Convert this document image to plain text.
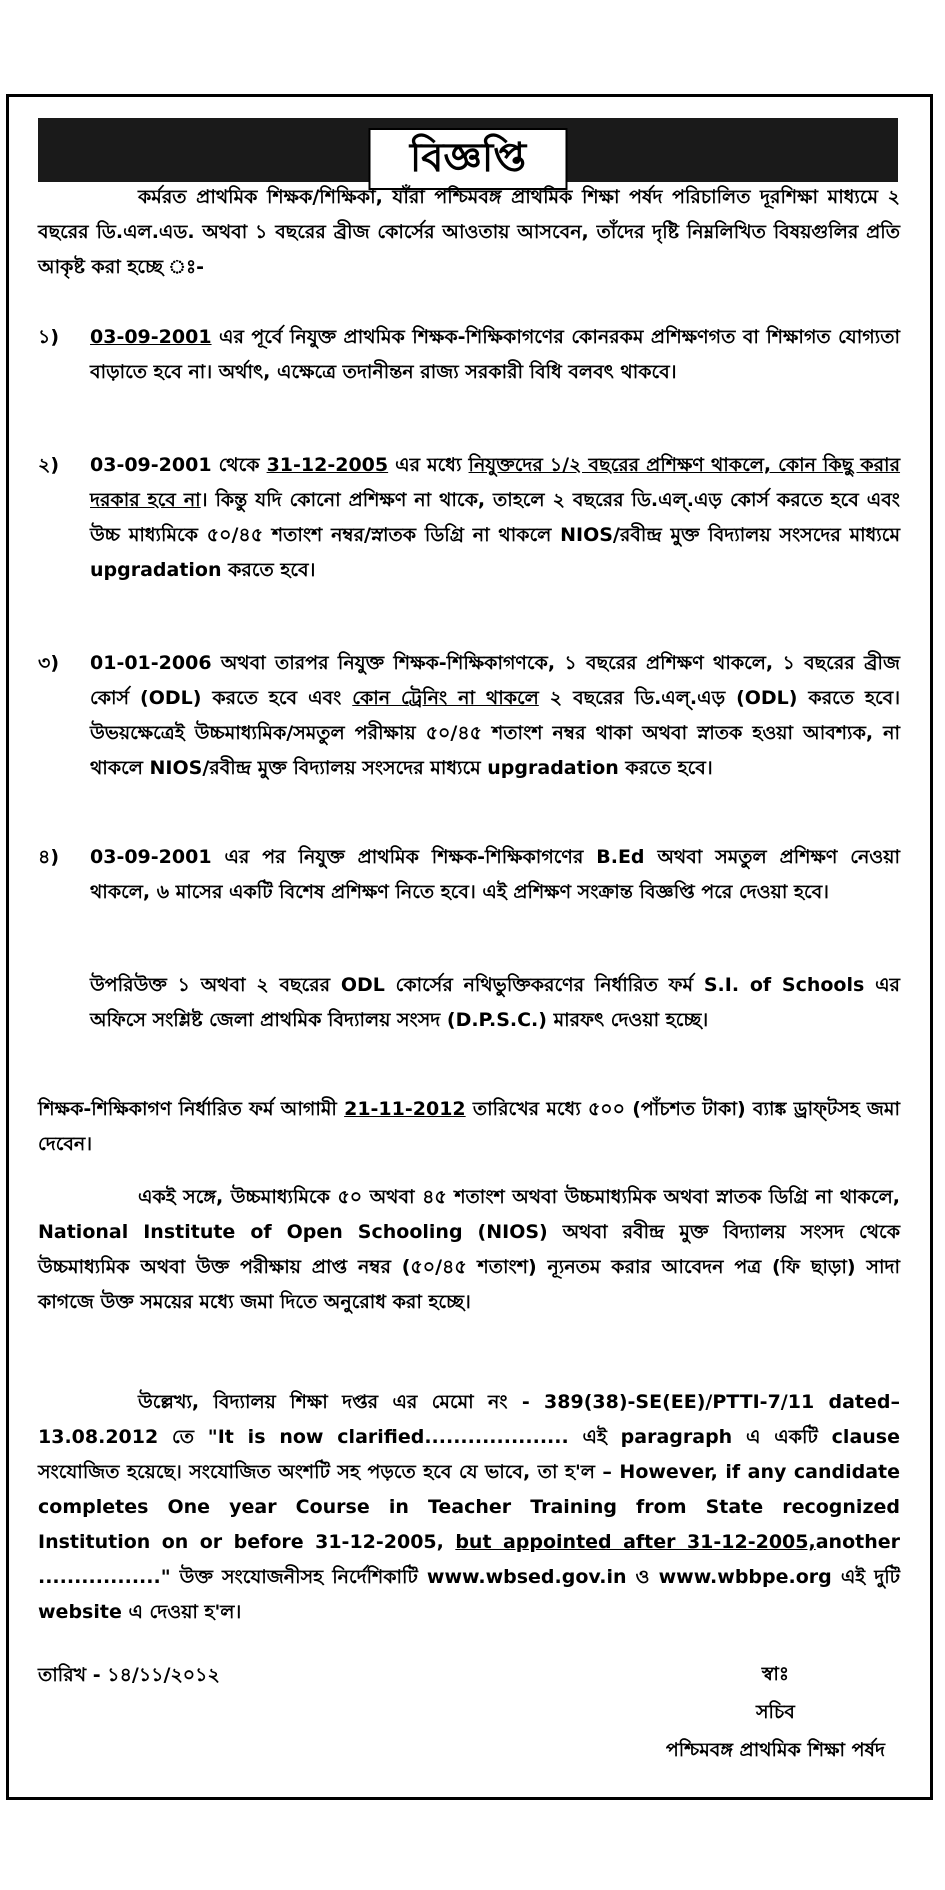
বিজ্ঞপ্তি
কর্মরত প্রাথমিক শিক্ষক/শিক্ষিকা, যাঁরা পশ্চিমবঙ্গ প্রাথমিক শিক্ষা পর্ষদ পরিচালিত দূরশিক্ষা মাধ্যমে ২ বছরের ডি.এল.এড. অথবা ১ বছরের ব্রীজ কোর্সের আওতায় আসবেন, তাঁদের দৃষ্টি নিম্নলিখিত বিষয়গুলির প্রতি আকৃষ্ট করা হচ্ছে ঃ-
১)	03-09-2001 এর পূর্বে নিযুক্ত প্রাথমিক শিক্ষক-শিক্ষিকাগণের কোনরকম প্রশিক্ষণগত বা শিক্ষাগত যোগ্যতা বাড়াতে হবে না। অর্থাৎ, এক্ষেত্রে তদানীন্তন রাজ্য সরকারী বিধি বলবৎ থাকবে।
২)	03-09-2001 থেকে 31-12-2005 এর মধ্যে নিযুক্তদের ১/২ বছরের প্রশিক্ষণ থাকলে, কোন কিছু করার দরকার হবে না। কিন্তু যদি কোনো প্রশিক্ষণ না থাকে, তাহলে ২ বছরের ডি.এল্.এড় কোর্স করতে হবে এবং উচ্চ মাধ্যমিকে ৫০/৪৫ শতাংশ নম্বর/স্নাতক ডিগ্রি না থাকলে NIOS/রবীন্দ্র মুক্ত বিদ্যালয় সংসদের মাধ্যমে upgradation করতে হবে।
৩)	01-01-2006 অথবা তারপর নিযুক্ত শিক্ষক-শিক্ষিকাগণকে, ১ বছরের প্রশিক্ষণ থাকলে, ১ বছরের ব্রীজ কোর্স (ODL) করতে হবে এবং কোন ট্রেনিং না থাকলে ২ বছরের ডি.এল্.এড় (ODL) করতে হবে। উভয়ক্ষেত্রেই উচ্চমাধ্যমিক/সমতুল পরীক্ষায় ৫০/৪৫ শতাংশ নম্বর থাকা অথবা স্নাতক হওয়া আবশ্যক, না থাকলে NIOS/রবীন্দ্র মুক্ত বিদ্যালয় সংসদের মাধ্যমে upgradation করতে হবে।
৪)	03-09-2001 এর পর নিযুক্ত প্রাথমিক শিক্ষক-শিক্ষিকাগণের B.Ed অথবা সমতুল প্রশিক্ষণ নেওয়া থাকলে, ৬ মাসের একটি বিশেষ প্রশিক্ষণ নিতে হবে। এই প্রশিক্ষণ সংক্রান্ত বিজ্ঞপ্তি পরে দেওয়া হবে।
উপরিউক্ত ১ অথবা ২ বছরের ODL কোর্সের নথিভুক্তিকরণের নির্ধারিত ফর্ম S.I. of Schools এর অফিসে সংশ্লিষ্ট জেলা প্রাথমিক বিদ্যালয় সংসদ (D.P.S.C.) মারফৎ দেওয়া হচ্ছে।
শিক্ষক-শিক্ষিকাগণ নির্ধারিত ফর্ম আগামী 21-11-2012 তারিখের মধ্যে ৫০০ (পাঁচশত টাকা) ব্যাঙ্ক ড্রাফ্‌টসহ জমা দেবেন।
একই সঙ্গে, উচ্চমাধ্যমিকে ৫০ অথবা ৪৫ শতাংশ অথবা উচ্চমাধ্যমিক অথবা স্নাতক ডিগ্রি না থাকলে, National Institute of Open Schooling (NIOS) অথবা রবীন্দ্র মুক্ত বিদ্যালয় সংসদ থেকে উচ্চমাধ্যমিক অথবা উক্ত পরীক্ষায় প্রাপ্ত নম্বর (৫০/৪৫ শতাংশ) ন্যূনতম করার আবেদন পত্র (ফি ছাড়া) সাদা কাগজে উক্ত সময়ের মধ্যে জমা দিতে অনুরোধ করা হচ্ছে।
উল্লেখ্য, বিদ্যালয় শিক্ষা দপ্তর এর মেমো নং - 389(38)-SE(EE)/PTTI-7/11 dated–13.08.2012 তে "It is now clarified.................... এই paragraph এ একটি clause সংযোজিত হয়েছে। সংযোজিত অংশটি সহ পড়তে হবে যে ভাবে, তা হ'ল – However, if any candidate completes One year Course in Teacher Training from State recognized Institution on or before 31-12-2005, but appointed after 31-12-2005,another ................." উক্ত সংযোজনীসহ নির্দেশিকাটি www.wbsed.gov.in ও www.wbbpe.org এই দুটি website এ দেওয়া হ'ল।
তারিখ - ১৪/১১/২০১২	স্বাঃ
সচিব
পশ্চিমবঙ্গ প্রাথমিক শিক্ষা পর্ষদ
